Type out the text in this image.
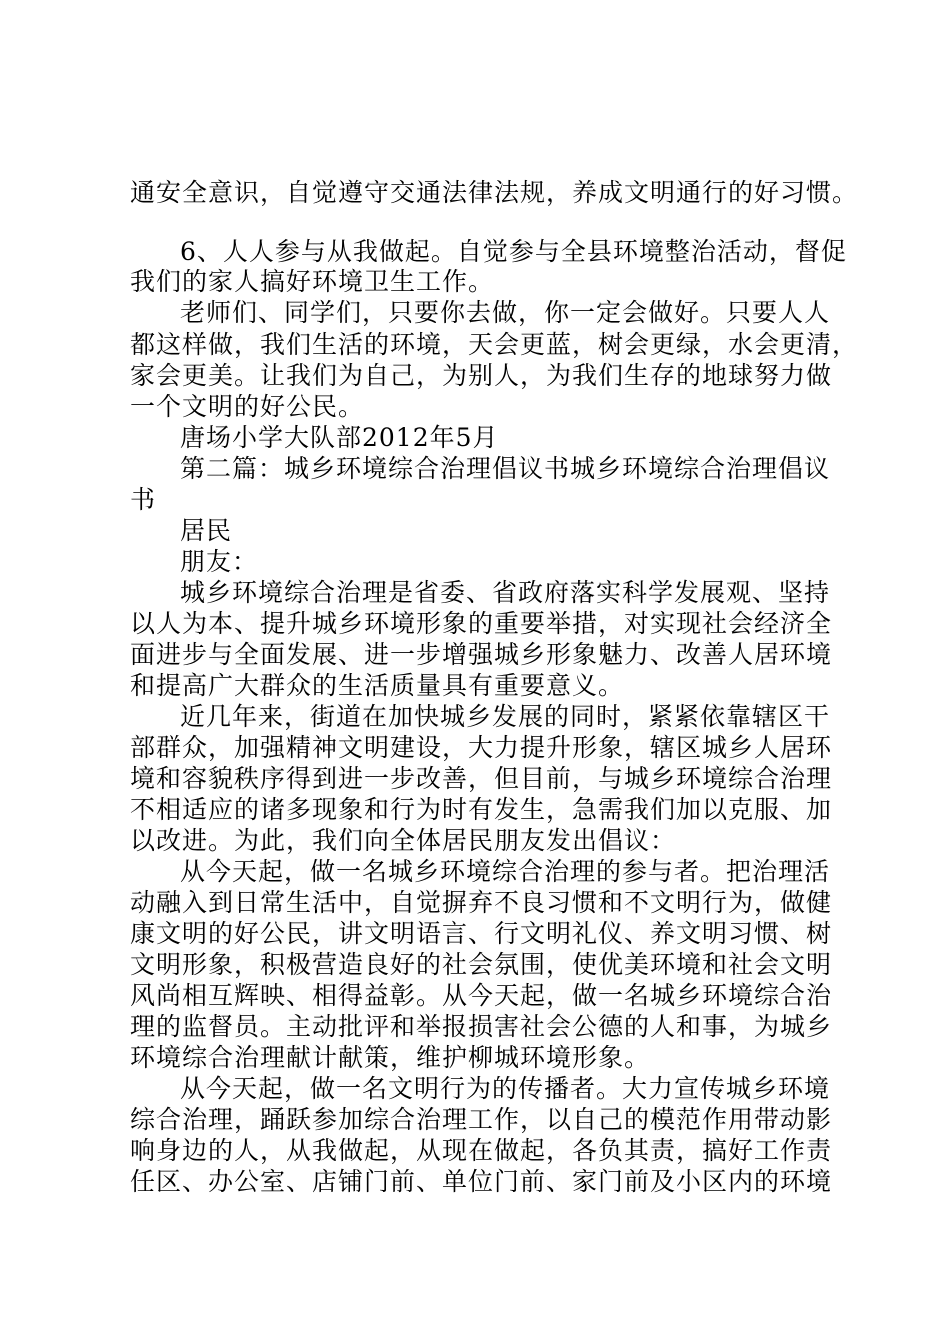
通安全意识，自觉遵守交通法律法规，养成文明通行的好习惯。

6、人人参与从我做起。自觉参与全县环境整治活动，督促

我们的家人搞好环境卫生工作。

老师们、同学们，只要你去做，你一定会做好。只要人人

都这样做，我们生活的环境，天会更蓝，树会更绿，水会更清，

家会更美。让我们为自己，为别人，为我们生存的地球努力做

一个文明的好公民。

唐场小学大队部2012年5月

第二篇：城乡环境综合治理倡议书城乡环境综合治理倡议

书

居民

朋友：

城乡环境综合治理是省委、省政府落实科学发展观、坚持

以人为本、提升城乡环境形象的重要举措，对实现社会经济全

面进步与全面发展、进一步增强城乡形象魅力、改善人居环境

和提高广大群众的生活质量具有重要意义。

近几年来，街道在加快城乡发展的同时，紧紧依靠辖区干

部群众，加强精神文明建设，大力提升形象，辖区城乡人居环

境和容貌秩序得到进一步改善，但目前，与城乡环境综合治理

不相适应的诸多现象和行为时有发生，急需我们加以克服、加

以改进。为此，我们向全体居民朋友发出倡议：

从今天起，做一名城乡环境综合治理的参与者。把治理活

动融入到日常生活中，自觉摒弃不良习惯和不文明行为，做健

康文明的好公民，讲文明语言、行文明礼仪、养文明习惯、树

文明形象，积极营造良好的社会氛围，使优美环境和社会文明

风尚相互辉映、相得益彰。从今天起，做一名城乡环境综合治

理的监督员。主动批评和举报损害社会公德的人和事，为城乡

环境综合治理献计献策，维护柳城环境形象。

从今天起，做一名文明行为的传播者。大力宣传城乡环境

综合治理，踊跃参加综合治理工作，以自己的模范作用带动影

响身边的人，从我做起，从现在做起，各负其责，搞好工作责

任区、办公室、店铺门前、单位门前、家门前及小区内的环境
